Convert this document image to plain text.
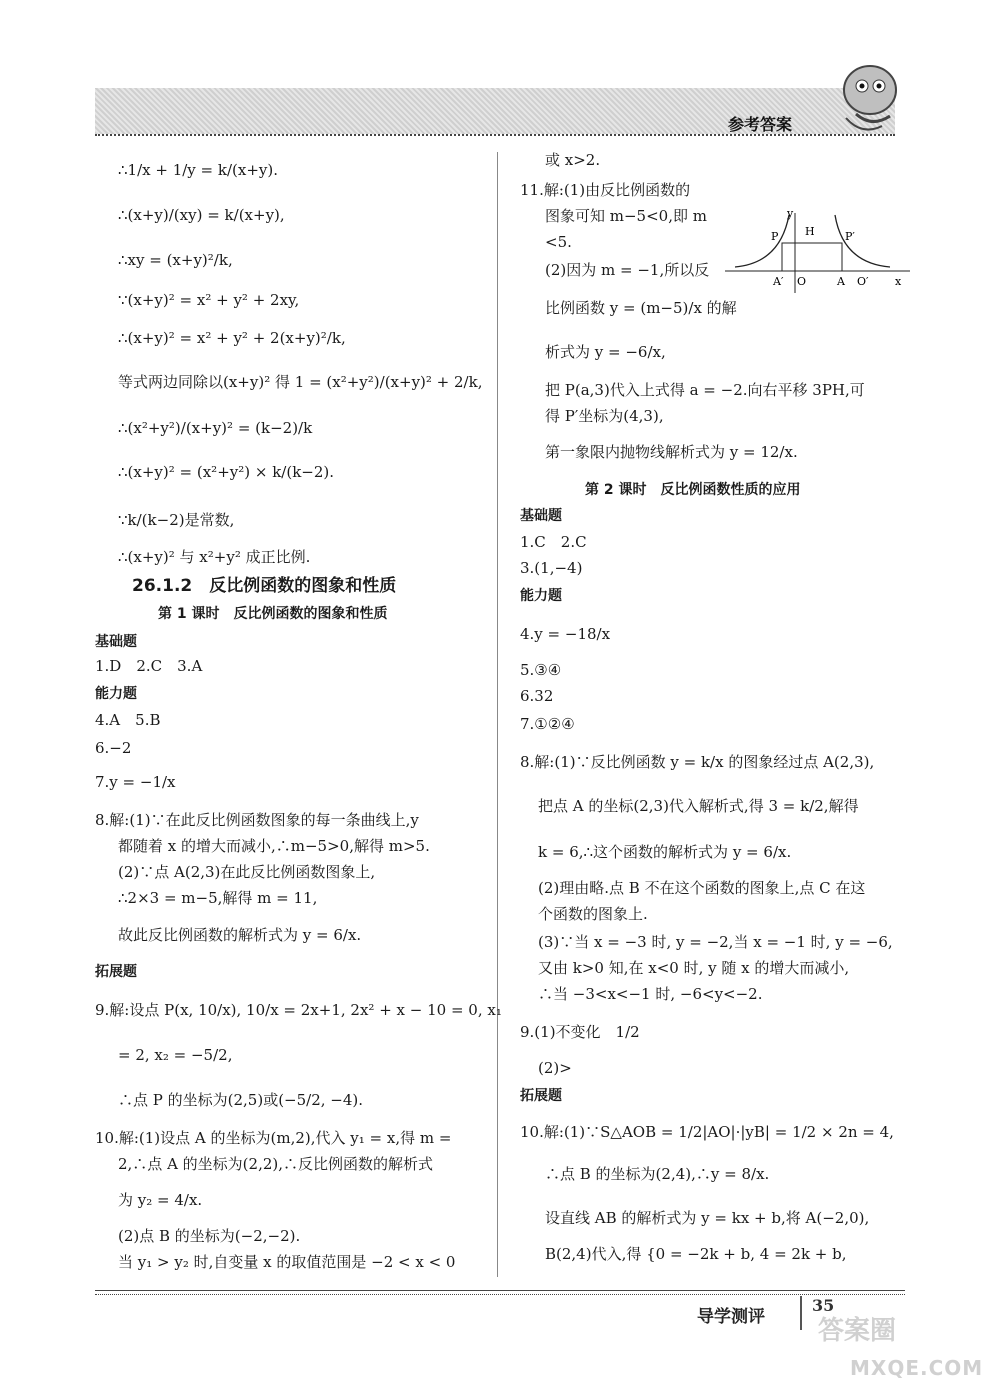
参考答案
∴1/x + 1/y = k/(x+y).
∴(x+y)/(xy) = k/(x+y),
∴xy = (x+y)²/k,
∵(x+y)² = x² + y² + 2xy,
∴(x+y)² = x² + y² + 2(x+y)²/k,
等式两边同除以(x+y)² 得 1 = (x²+y²)/(x+y)² + 2/k,
∴(x²+y²)/(x+y)² = (k−2)/k
∴(x+y)² = (x²+y²) × k/(k−2).
∵k/(k−2)是常数,
∴(x+y)² 与 x²+y² 成正比例.
26.1.2　反比例函数的图象和性质
第 1 课时　反比例函数的图象和性质
基础题
1.D　2.C　3.A
能力题
4.A　5.B
6.−2
7.y = −1/x
8.解:(1)∵在此反比例函数图象的每一条曲线上,y
都随着 x 的增大而减小,∴m−5>0,解得 m>5.
(2)∵点 A(2,3)在此反比例函数图象上,
∴2×3 = m−5,解得 m = 11,
故此反比例函数的解析式为 y = 6/x.
拓展题
9.解:设点 P(x, 10/x), 10/x = 2x+1, 2x² + x − 10 = 0, x₁
= 2, x₂ = −5/2,
∴点 P 的坐标为(2,5)或(−5/2, −4).
10.解:(1)设点 A 的坐标为(m,2),代入 y₁ = x,得 m =
2,∴点 A 的坐标为(2,2),∴反比例函数的解析式
为 y₂ = 4/x.
(2)点 B 的坐标为(−2,−2).
当 y₁ > y₂ 时,自变量 x 的取值范围是 −2 < x < 0
或 x>2.
11.解:(1)由反比例函数的
图象可知 m−5<0,即 m
<5.
(2)因为 m = −1,所以反
比例函数 y = (m−5)/x 的解
析式为 y = −6/x,
把 P(a,3)代入上式得 a = −2.向右平移 3PH,可
得 P′坐标为(4,3),
第一象限内抛物线解析式为 y = 12/x.
第 2 课时　反比例函数性质的应用
基础题
1.C　2.C
3.(1,−4)
能力题
4.y = −18/x
5.③④
6.32
7.①②④
8.解:(1)∵反比例函数 y = k/x 的图象经过点 A(2,3),
把点 A 的坐标(2,3)代入解析式,得 3 = k/2,解得
k = 6,∴这个函数的解析式为 y = 6/x.
(2)理由略.点 B 不在这个函数的图象上,点 C 在这
个函数的图象上.
(3)∵当 x = −3 时, y = −2,当 x = −1 时, y = −6,
又由 k>0 知,在 x<0 时, y 随 x 的增大而减小,
∴当 −3<x<−1 时, −6<y<−2.
9.(1)不变化　1/2
(2)>
拓展题
10.解:(1)∵S△AOB = 1/2|AO|·|yB| = 1/2 × 2n = 4,
∴点 B 的坐标为(2,4),∴y = 8/x.
设直线 AB 的解析式为 y = kx + b,将 A(−2,0),
B(2,4)代入,得 {0 = −2k + b, 4 = 2k + b,
y
P H	P′
A′ O	A O′ x
导学测评
35
答案圈
MXQE.COM
